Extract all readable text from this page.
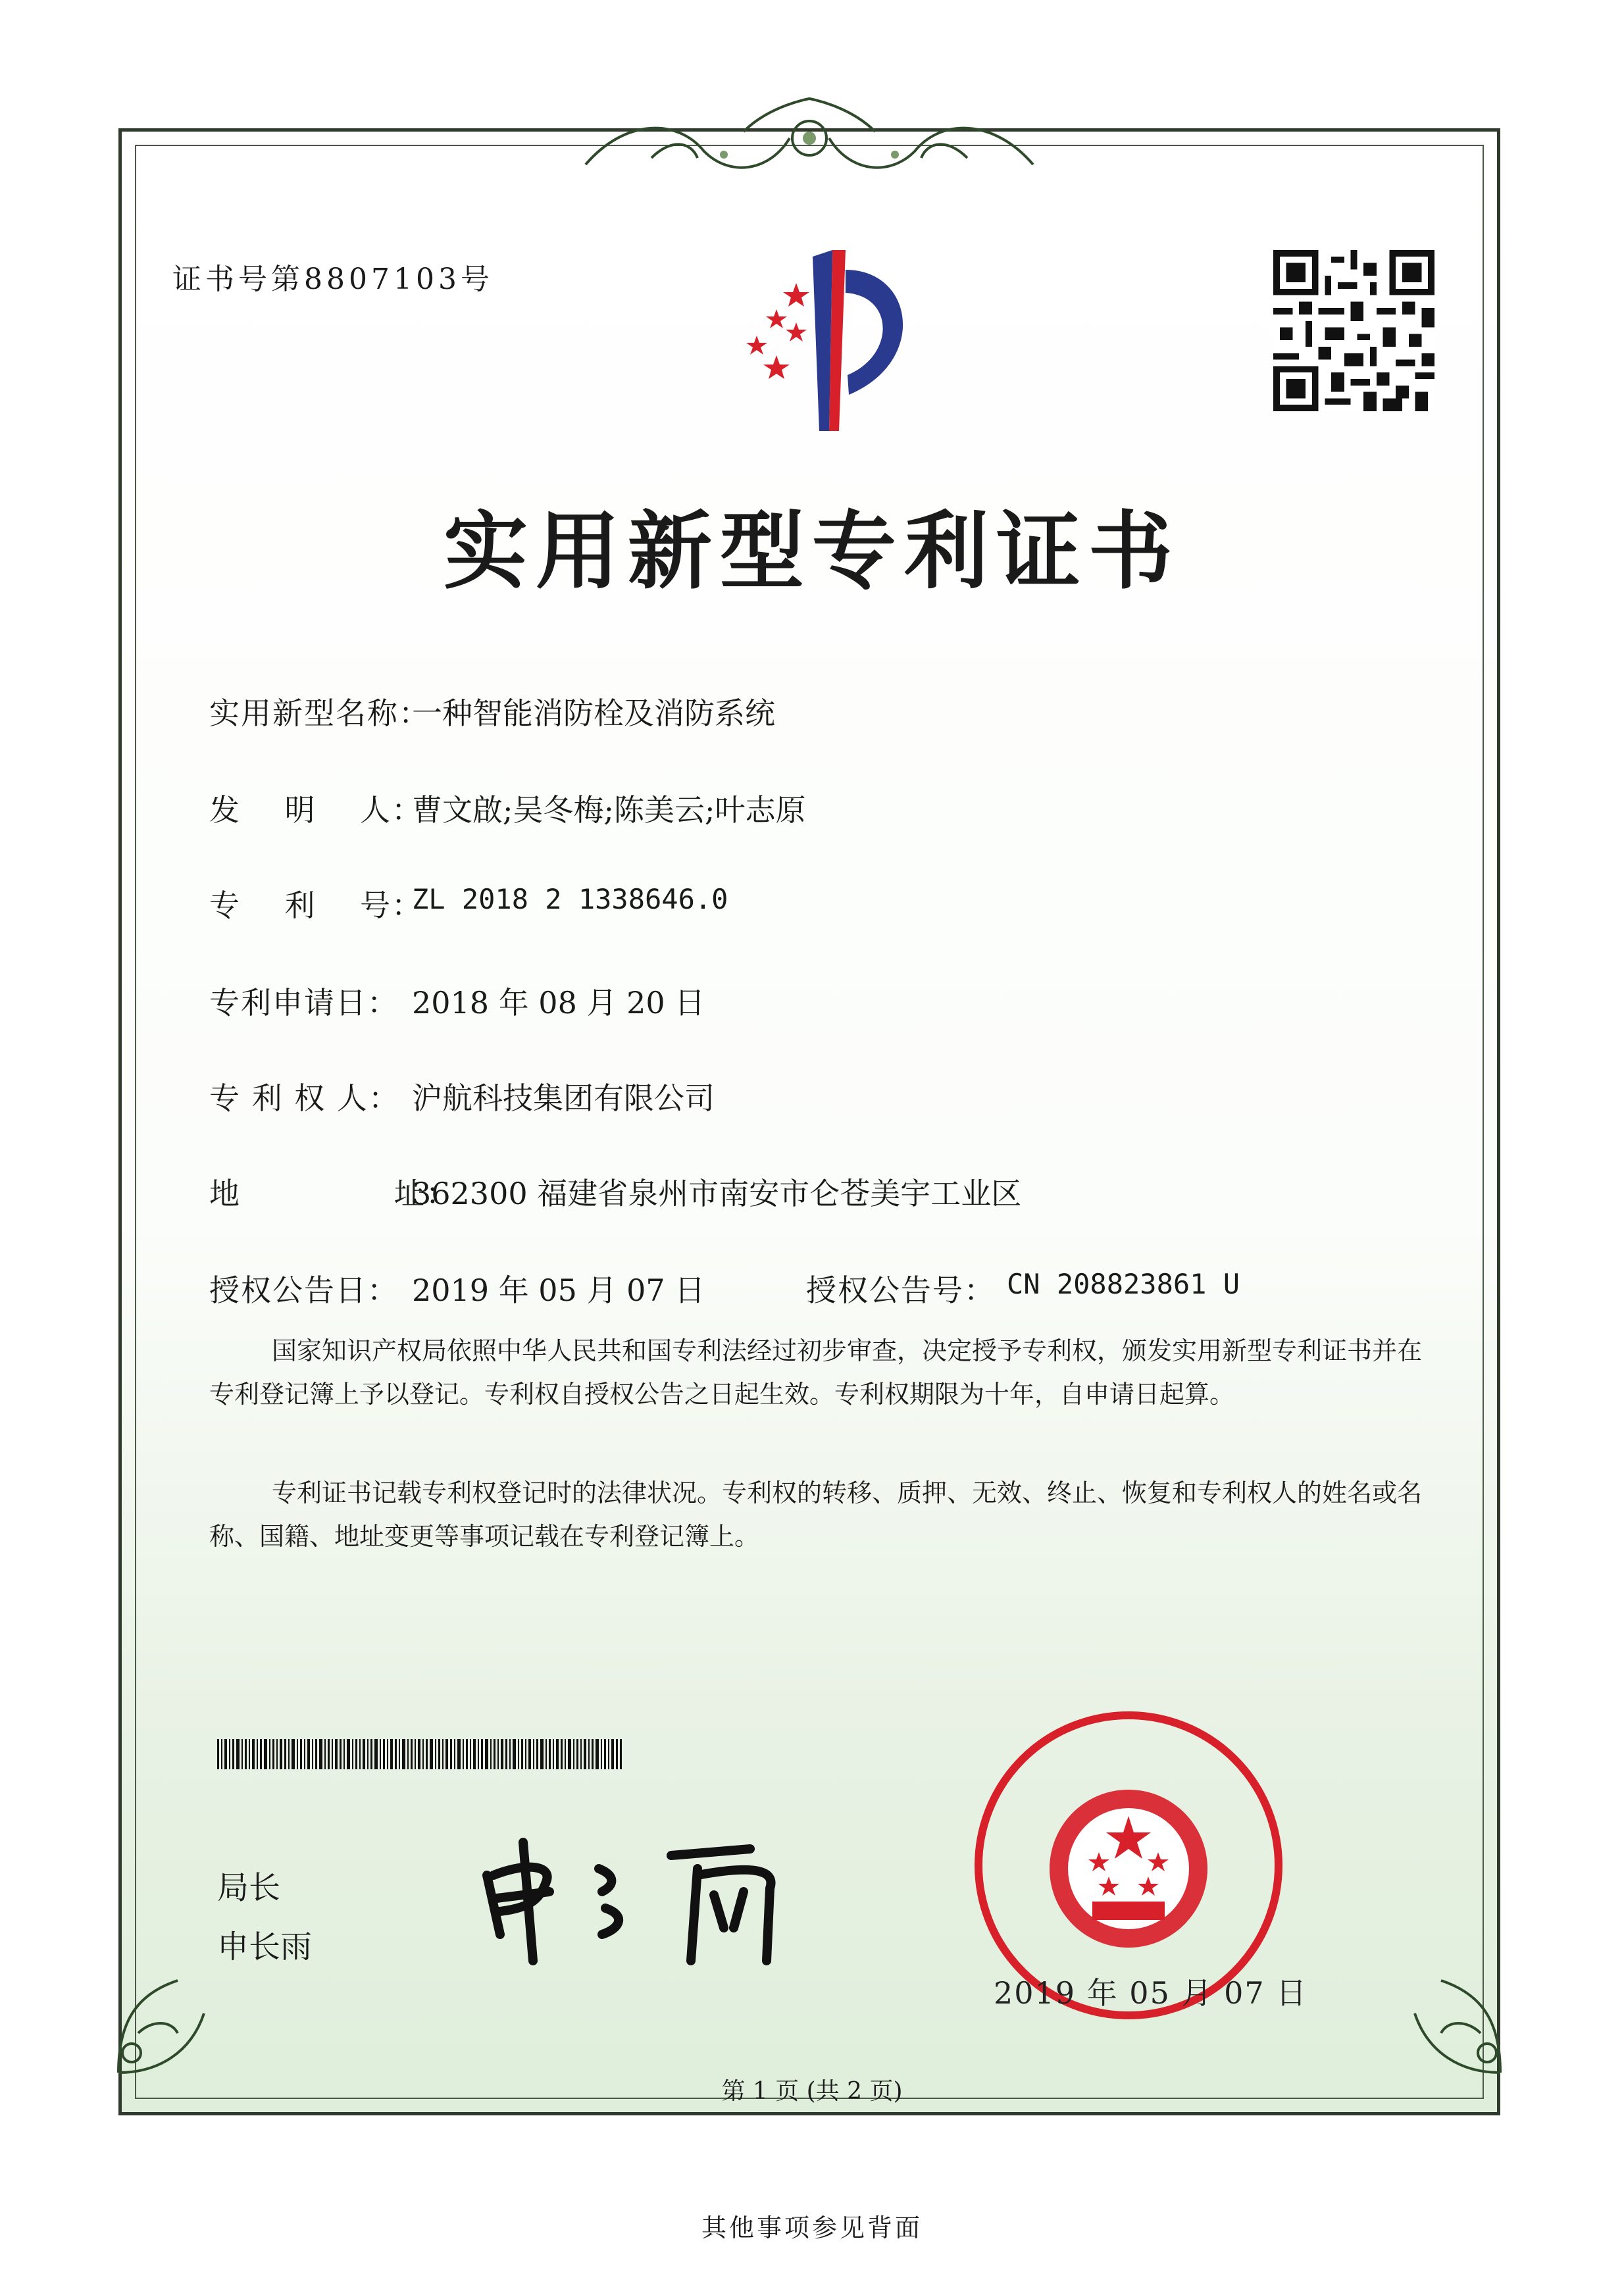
证书号第8807103号
实用新型专利证书
实用新型名称：
一种智能消防栓及消防系统
发    明    人：
曹文啟;吴冬梅;陈美云;叶志原
专    利    号：
ZL 2018 2 1338646.0
专利申请日： 2018 年 08 月 20 日
专 利 权 人： 沪航科技集团有限公司
地              址：
362300 福建省泉州市南安市仑苍美宇工业区
授权公告日： 2019 年 05 月 07 日	授权公告号： CN 208823861 U
国家知识产权局依照中华人民共和国专利法经过初步审查，决定授予专利权，颁发实用新型专利证书并在专利登记簿上予以登记。专利权自授权公告之日起生效。专利权期限为十年，自申请日起算。
专利证书记载专利权登记时的法律状况。专利权的转移、质押、无效、终止、恢复和专利权人的姓名或名称、国籍、地址变更等事项记载在专利登记簿上。
局长
申长雨
2019 年 05 月 07 日
第 1 页 (共 2 页)
其他事项参见背面
